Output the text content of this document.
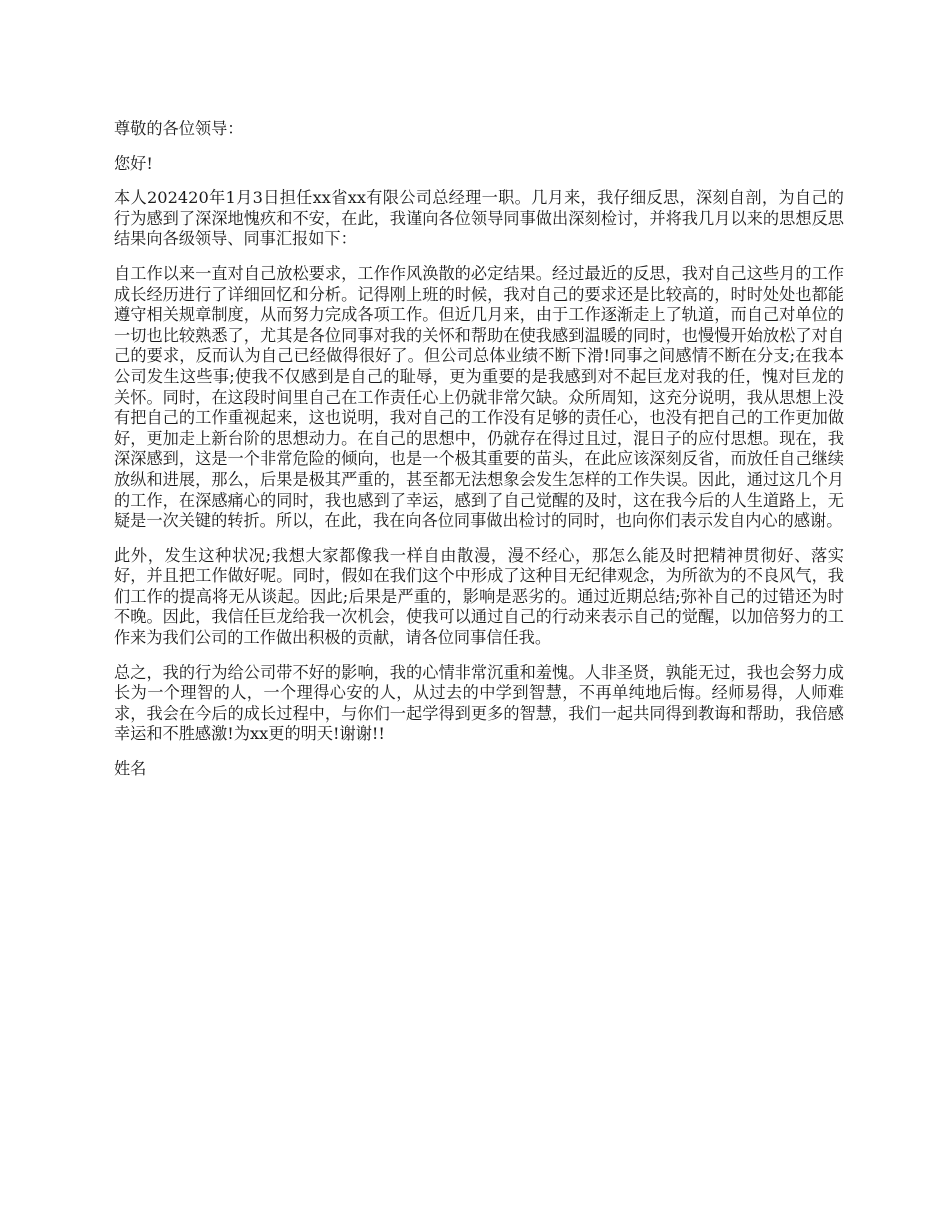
尊敬的各位领导：

您好!

本人202420年1月3日担任xx省xx有限公司总经理一职。几月来，我仔细反思，深刻自剖，为自己的行为感到了深深地愧疚和不安，在此，我谨向各位领导同事做出深刻检讨，并将我几月以来的思想反思结果向各级领导、同事汇报如下：

自工作以来一直对自己放松要求，工作作风涣散的必定结果。经过最近的反思，我对自己这些月的工作成长经历进行了详细回忆和分析。记得刚上班的时候，我对自己的要求还是比较高的，时时处处也都能遵守相关规章制度，从而努力完成各项工作。但近几月来，由于工作逐渐走上了轨道，而自己对单位的一切也比较熟悉了，尤其是各位同事对我的关怀和帮助在使我感到温暖的同时，也慢慢开始放松了对自己的要求，反而认为自己已经做得很好了。但公司总体业绩不断下滑!同事之间感情不断在分支;在我本公司发生这些事;使我不仅感到是自己的耻辱，更为重要的是我感到对不起巨龙对我的任，愧对巨龙的关怀。同时，在这段时间里自己在工作责任心上仍就非常欠缺。众所周知，这充分说明，我从思想上没有把自己的工作重视起来，这也说明，我对自己的工作没有足够的责任心，也没有把自己的工作更加做好，更加走上新台阶的思想动力。在自己的思想中，仍就存在得过且过，混日子的应付思想。现在，我深深感到，这是一个非常危险的倾向，也是一个极其重要的苗头，在此应该深刻反省，而放任自己继续放纵和进展，那么，后果是极其严重的，甚至都无法想象会发生怎样的工作失误。因此，通过这几个月的工作，在深感痛心的同时，我也感到了幸运，感到了自己觉醒的及时，这在我今后的人生道路上，无疑是一次关键的转折。所以，在此，我在向各位同事做出检讨的同时，也向你们表示发自内心的感谢。

此外，发生这种状况;我想大家都像我一样自由散漫，漫不经心，那怎么能及时把精神贯彻好、落实好，并且把工作做好呢。同时，假如在我们这个中形成了这种目无纪律观念，为所欲为的不良风气，我们工作的提高将无从谈起。因此;后果是严重的，影响是恶劣的。通过近期总结;弥补自己的过错还为时不晚。因此，我信任巨龙给我一次机会，使我可以通过自己的行动来表示自己的觉醒，以加倍努力的工作来为我们公司的工作做出积极的贡献，请各位同事信任我。

总之，我的行为给公司带不好的影响，我的心情非常沉重和羞愧。人非圣贤，孰能无过，我也会努力成长为一个理智的人，一个理得心安的人，从过去的中学到智慧，不再单纯地后悔。经师易得，人师难求，我会在今后的成长过程中，与你们一起学得到更多的智慧，我们一起共同得到教诲和帮助，我倍感幸运和不胜感激!为xx更的明天!谢谢!!

姓名
